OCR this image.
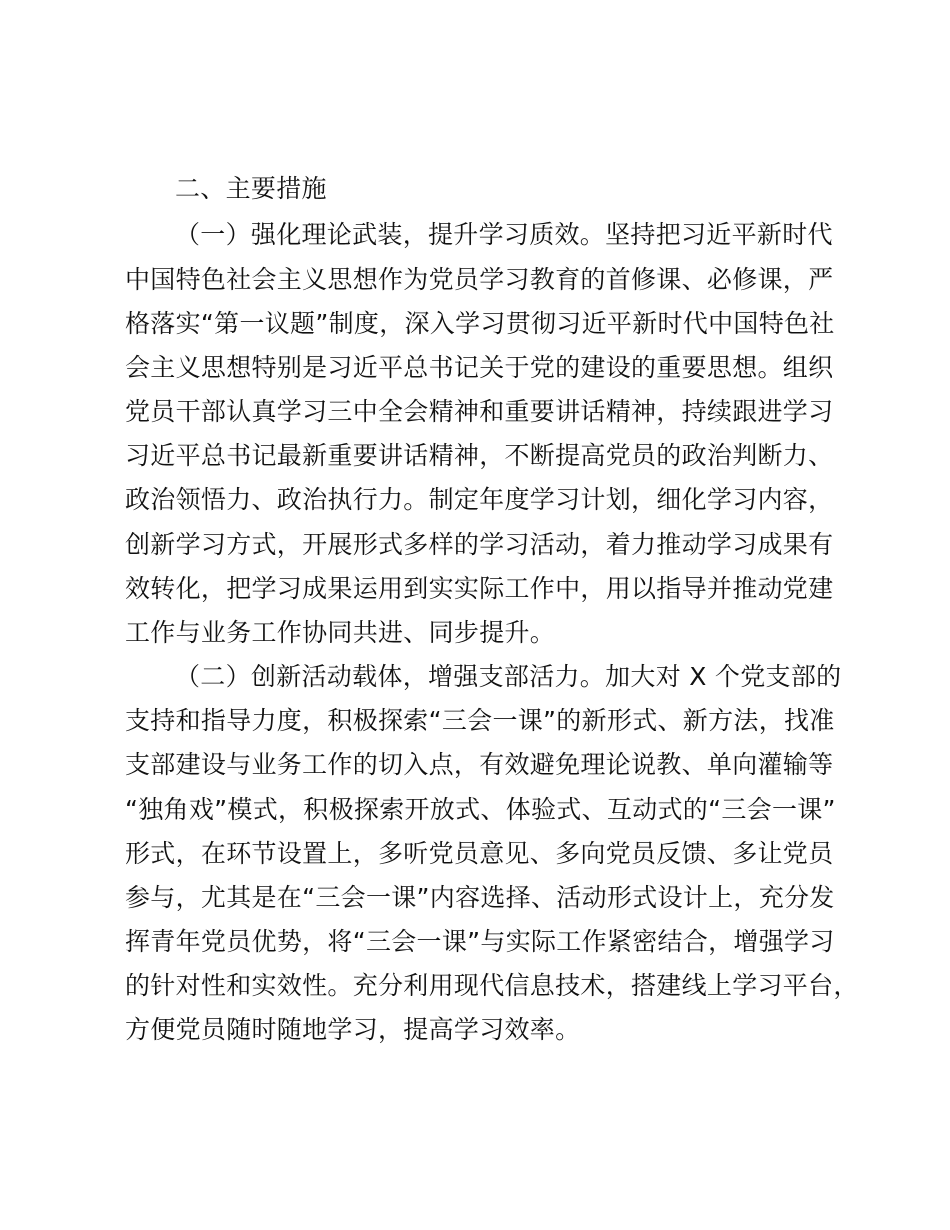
二、主要措施
（一）强化理论武装，提升学习质效。坚持把习近平新时代
中国特色社会主义思想作为党员学习教育的首修课、必修课，严
格落实“第一议题”制度，深入学习贯彻习近平新时代中国特色社
会主义思想特别是习近平总书记关于党的建设的重要思想。组织
党员干部认真学习三中全会精神和重要讲话精神，持续跟进学习
习近平总书记最新重要讲话精神，不断提高党员的政治判断力、
政治领悟力、政治执行力。制定年度学习计划，细化学习内容，
创新学习方式，开展形式多样的学习活动，着力推动学习成果有
效转化，把学习成果运用到实实际工作中，用以指导并推动党建
工作与业务工作协同共进、同步提升。
（二）创新活动载体，增强支部活力。加大对 X 个党支部的
支持和指导力度，积极探索“三会一课”的新形式、新方法，找准
支部建设与业务工作的切入点，有效避免理论说教、单向灌输等
“独角戏”模式，积极探索开放式、体验式、互动式的“三会一课”
形式，在环节设置上，多听党员意见、多向党员反馈、多让党员
参与，尤其是在“三会一课”内容选择、活动形式设计上，充分发
挥青年党员优势，将“三会一课”与实际工作紧密结合，增强学习
的针对性和实效性。充分利用现代信息技术，搭建线上学习平台，
方便党员随时随地学习，提高学习效率。
